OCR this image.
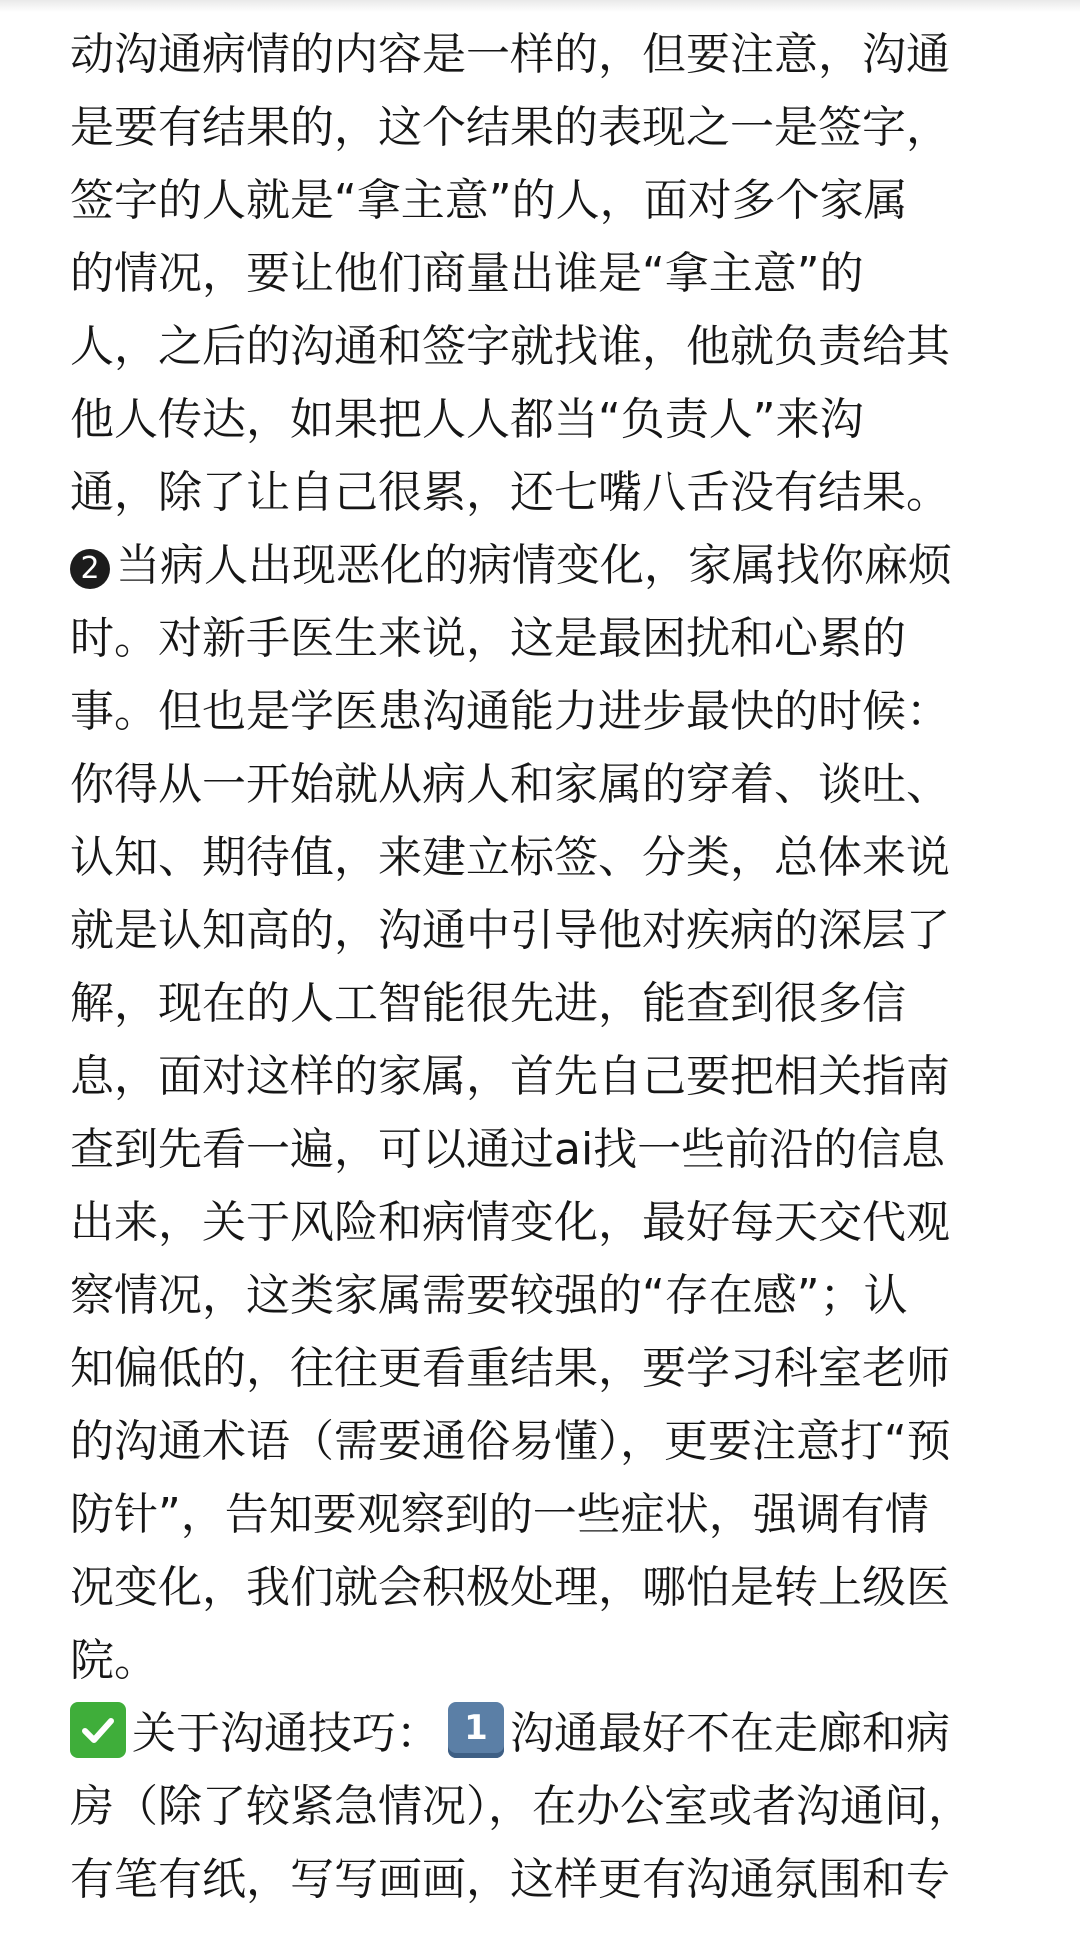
动沟通病情的内容是一样的，但要注意，沟通
是要有结果的，这个结果的表现之一是签字，
签字的人就是“拿主意”的人，面对多个家属
的情况，要让他们商量出谁是“拿主意”的
人，之后的沟通和签字就找谁，他就负责给其
他人传达，如果把人人都当“负责人”来沟
通，除了让自己很累，还七嘴八舌没有结果。
2 当病人出现恶化的病情变化，家属找你麻烦
时。对新手医生来说，这是最困扰和心累的
事。但也是学医患沟通能力进步最快的时候：
你得从一开始就从病人和家属的穿着、谈吐、
认知、期待值，来建立标签、分类，总体来说
就是认知高的，沟通中引导他对疾病的深层了
解，现在的人工智能很先进，能查到很多信
息，面对这样的家属，首先自己要把相关指南
查到先看一遍，可以通过ai找一些前沿的信息
出来，关于风险和病情变化，最好每天交代观
察情况，这类家属需要较强的“存在感”；认
知偏低的，往往更看重结果，要学习科室老师
的沟通术语（需要通俗易懂），更要注意打“预
防针”，告知要观察到的一些症状，强调有情
况变化，我们就会积极处理，哪怕是转上级医
院。
关于沟通技巧： 1 沟通最好不在走廊和病
房（除了较紧急情况），在办公室或者沟通间，
有笔有纸，写写画画，这样更有沟通氛围和专
